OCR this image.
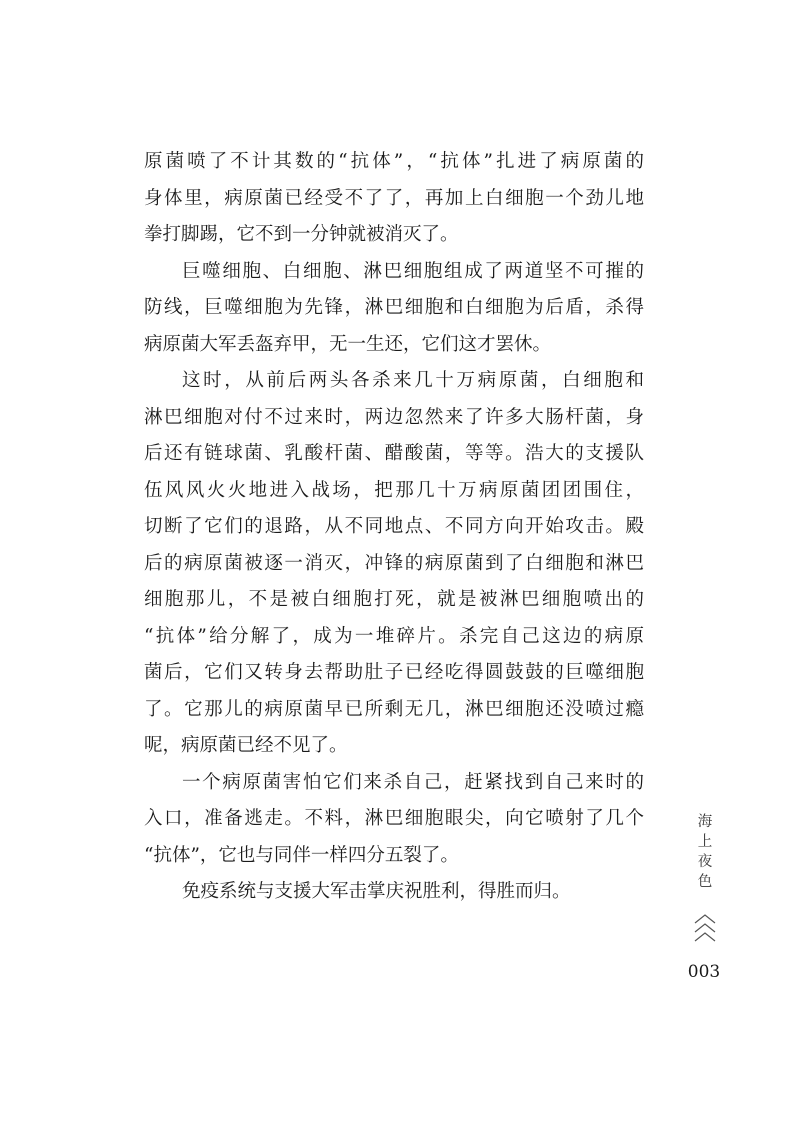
原菌喷了不计其数的“抗体”，“抗体”扎进了病原菌的
身体里，病原菌已经受不了了，再加上白细胞一个劲儿地
拳打脚踢，它不到一分钟就被消灭了。
巨噬细胞、白细胞、淋巴细胞组成了两道坚不可摧的
防线，巨噬细胞为先锋，淋巴细胞和白细胞为后盾，杀得
病原菌大军丢盔弃甲，无一生还，它们这才罢休。
这时，从前后两头各杀来几十万病原菌，白细胞和
淋巴细胞对付不过来时，两边忽然来了许多大肠杆菌，身
后还有链球菌、乳酸杆菌、醋酸菌，等等。浩大的支援队
伍风风火火地进入战场，把那几十万病原菌团团围住，
切断了它们的退路，从不同地点、不同方向开始攻击。殿
后的病原菌被逐一消灭，冲锋的病原菌到了白细胞和淋巴
细胞那儿，不是被白细胞打死，就是被淋巴细胞喷出的
“抗体”给分解了，成为一堆碎片。杀完自己这边的病原
菌后，它们又转身去帮助肚子已经吃得圆鼓鼓的巨噬细胞
了。它那儿的病原菌早已所剩无几，淋巴细胞还没喷过瘾
呢，病原菌已经不见了。
一个病原菌害怕它们来杀自己，赶紧找到自己来时的
入口，准备逃走。不料，淋巴细胞眼尖，向它喷射了几个
“抗体”，它也与同伴一样四分五裂了。
免疫系统与支援大军击掌庆祝胜利，得胜而归。
海
上
夜
色
003
